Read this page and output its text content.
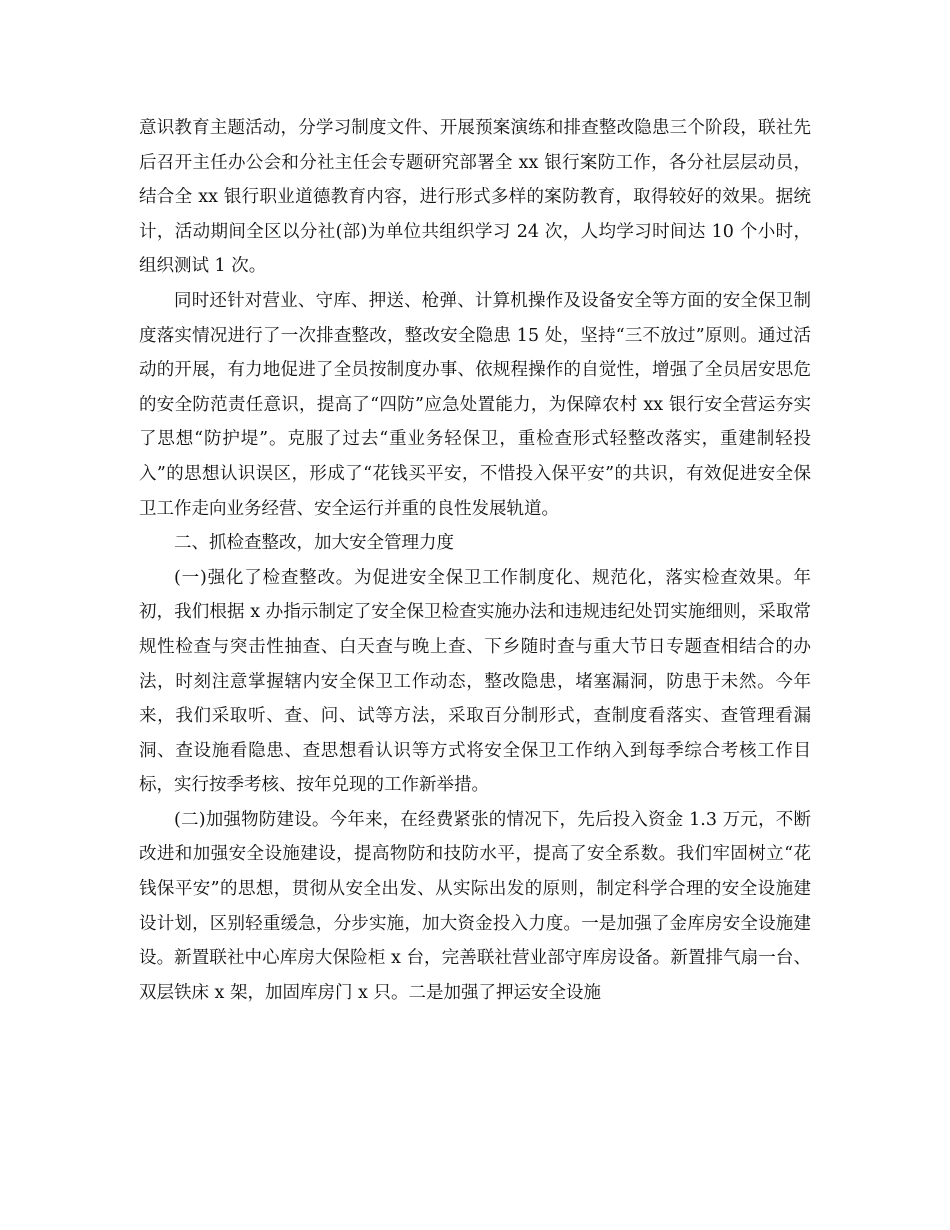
意识教育主题活动，分学习制度文件、开展预案演练和排查整改隐患三个阶段，联社先后召开主任办公会和分社主任会专题研究部署全 xx 银行案防工作，各分社层层动员，结合全 xx 银行职业道德教育内容，进行形式多样的案防教育，取得较好的效果。据统计，活动期间全区以分社(部)为单位共组织学习 24 次，人均学习时间达 10 个小时，组织测试 1 次。

同时还针对营业、守库、押送、枪弹、计算机操作及设备安全等方面的安全保卫制度落实情况进行了一次排查整改，整改安全隐患 15 处，坚持“三不放过”原则。通过活动的开展，有力地促进了全员按制度办事、依规程操作的自觉性，增强了全员居安思危的安全防范责任意识，提高了“四防”应急处置能力，为保障农村 xx 银行安全营运夯实了思想“防护堤”。克服了过去“重业务轻保卫，重检查形式轻整改落实，重建制轻投入”的思想认识误区，形成了“花钱买平安，不惜投入保平安”的共识，有效促进安全保卫工作走向业务经营、安全运行并重的良性发展轨道。

二、抓检查整改，加大安全管理力度

(一)强化了检查整改。为促进安全保卫工作制度化、规范化，落实检查效果。年初，我们根据 x 办指示制定了安全保卫检查实施办法和违规违纪处罚实施细则，采取常规性检查与突击性抽查、白天查与晚上查、下乡随时查与重大节日专题查相结合的办法，时刻注意掌握辖内安全保卫工作动态，整改隐患，堵塞漏洞，防患于未然。今年来，我们采取听、查、问、试等方法，采取百分制形式，查制度看落实、查管理看漏洞、查设施看隐患、查思想看认识等方式将安全保卫工作纳入到每季综合考核工作目标，实行按季考核、按年兑现的工作新举措。

(二)加强物防建设。今年来，在经费紧张的情况下，先后投入资金 1.3 万元，不断改进和加强安全设施建设，提高物防和技防水平，提高了安全系数。我们牢固树立“花钱保平安”的思想，贯彻从安全出发、从实际出发的原则，制定科学合理的安全设施建设计划，区别轻重缓急，分步实施，加大资金投入力度。一是加强了金库房安全设施建设。新置联社中心库房大保险柜 x 台，完善联社营业部守库房设备。新置排气扇一台、双层铁床 x 架，加固库房门 x 只。二是加强了押运安全设施
